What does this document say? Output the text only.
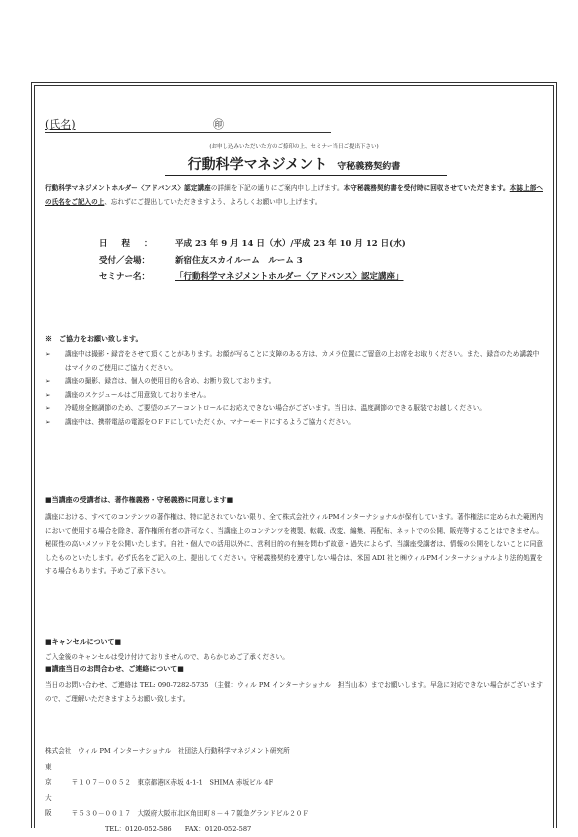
(氏名)	㊞
(お申し込みいただいた方のご捺印の上、セミナー当日ご提出下さい)
行動科学マネジメント 守秘義務契約書
行動科学マネジメントホルダー〈アドバンス〉認定講座の詳細を下記の通りにご案内申し上げます。本守秘義務契約書を受付時に回収させていただきます。本誌上部への氏名をご記入の上、忘れずにご提出していただきますよう、よろしくお願い申し上げます。
日程： 平成 23 年 9 月 14 日（水）/平成 23 年 10 月 12 日(水)
受付／会場：	新宿住友スカイルーム　ルーム 3
セミナー名：	「行動科学マネジメントホルダー〈アドバンス〉認定講座」
※　ご協力をお願い致します。
➢ 講座中は撮影・録音をさせて頂くことがあります。お顔が写ることに支障のある方は、カメラ位置にご留意の上お席をお取りください。また、録音のため講義中はマイクのご使用にご協力ください。
➢ 講座の撮影、録音は、個人の使用目的も含め、お断り致しております。
➢ 講座のスケジュールはご用意致しておりません。
➢ 冷暖房全館調節のため、ご要望のエアーコントロールにお応えできない場合がございます。当日は、温度調節のできる服装でお越しください。
➢ 講座中は、携帯電話の電源をＯＦＦにしていただくか、マナーモードにするようご協力ください。
■当講座の受講者は、著作権義務・守秘義務に同意します■
講座における、すべてのコンテンツの著作権は、特に記されていない限り、全て株式会社ウィルPMインターナショナルが保有しています。著作権法に定められた範囲内において使用する場合を除き、著作権所有者の許可なく、当講座上のコンテンツを複製、転載、改変、編集、再配布、ネットでの公開、販売等することはできません。秘匿性の高いメソッドを公開いたします。自社・個人での活用以外に、営利目的の有無を問わず故意・過失によらず、当講座受講者は、情報の公開をしないことに同意したものといたします。必ず氏名をご記入の上、提出してください。守秘義務契約を遵守しない場合は、米国 ADI 社と㈱ウィルPMインターナショナルより法的処置をする場合もあります。予めご了承下さい。
■キャンセルについて■
ご入金後のキャンセルは受け付けておりませんので、あらかじめご了承ください。
■講座当日のお問合わせ、ご連絡について■
当日のお問い合わせ、ご連絡は TEL: 090-7282-5735 （主催：ウィル PM インターナショナル　担当山本）までお願いします。早急に対応できない場合がございますので、ご理解いただきますようお願い致します。
株式会社　ウィル PM インターナショナル　社団法人行動科学マネジメント研究所
東京　 〒１０７－００５２　東京都港区赤坂 4-1-1　SHIMA 赤坂ビル 4F
大阪　 〒５３０－００１７　大阪府大阪市北区角田町８－４７阪急グランドビル２０Ｆ
TEL：0120-052-586　　FAX：0120-052-587
